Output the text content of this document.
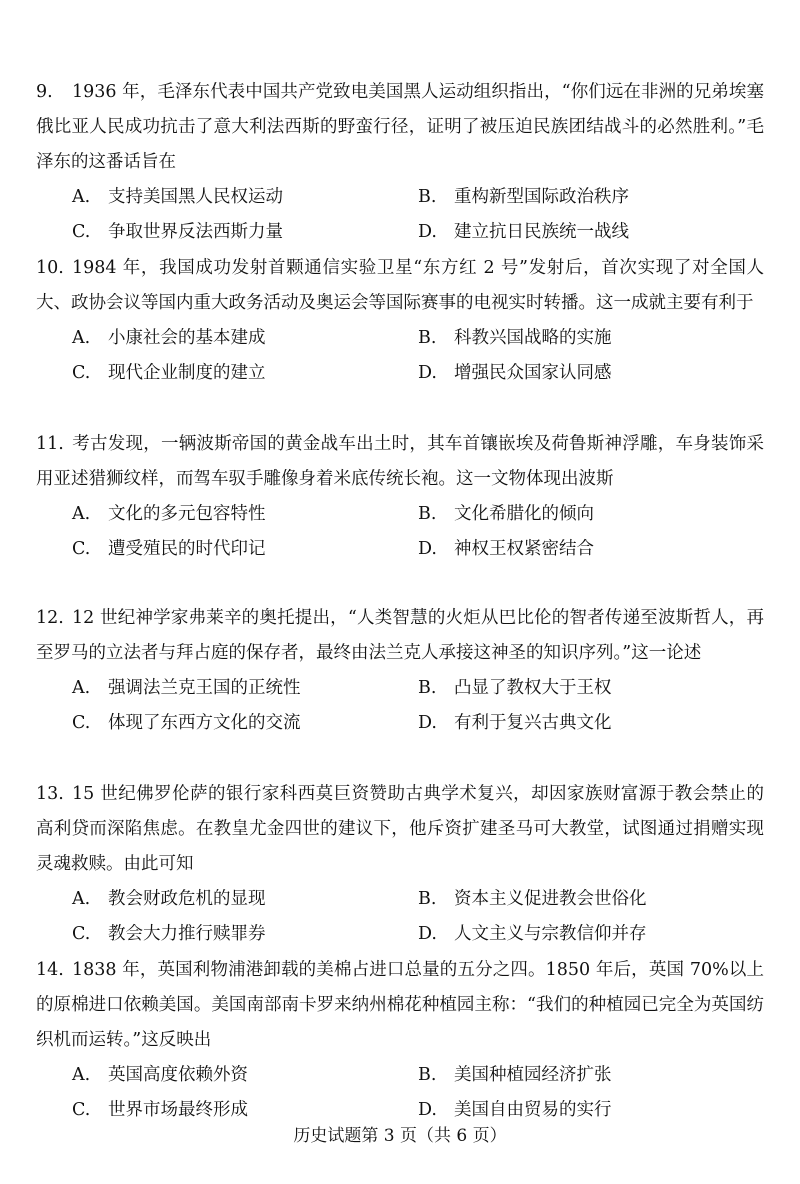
9. 1936 年，毛泽东代表中国共产党致电美国黑人运动组织指出，“你们远在非洲的兄弟埃塞俄比亚人民成功抗击了意大利法西斯的野蛮行径，证明了被压迫民族团结战斗的必然胜利。”毛泽东的这番话旨在

A. 支持美国黑人民权运动	B. 重构新型国际政治秩序
C. 争取世界反法西斯力量	D. 建立抗日民族统一战线

10. 1984 年，我国成功发射首颗通信实验卫星“东方红 2 号”发射后，首次实现了对全国人大、政协会议等国内重大政务活动及奥运会等国际赛事的电视实时转播。这一成就主要有利于

A. 小康社会的基本建成	B. 科教兴国战略的实施
C. 现代企业制度的建立	D. 增强民众国家认同感

11. 考古发现，一辆波斯帝国的黄金战车出土时，其车首镶嵌埃及荷鲁斯神浮雕，车身装饰采用亚述猎狮纹样，而驾车驭手雕像身着米底传统长袍。这一文物体现出波斯

A. 文化的多元包容特性	B. 文化希腊化的倾向
C. 遭受殖民的时代印记	D. 神权王权紧密结合

12. 12 世纪神学家弗莱辛的奥托提出，“人类智慧的火炬从巴比伦的智者传递至波斯哲人，再至罗马的立法者与拜占庭的保存者，最终由法兰克人承接这神圣的知识序列。”这一论述

A. 强调法兰克王国的正统性	B. 凸显了教权大于王权
C. 体现了东西方文化的交流	D. 有利于复兴古典文化

13. 15 世纪佛罗伦萨的银行家科西莫巨资赞助古典学术复兴，却因家族财富源于教会禁止的高利贷而深陷焦虑。在教皇尤金四世的建议下，他斥资扩建圣马可大教堂，试图通过捐赠实现灵魂救赎。由此可知

A. 教会财政危机的显现	B. 资本主义促进教会世俗化
C. 教会大力推行赎罪券	D. 人文主义与宗教信仰并存

14. 1838 年，英国利物浦港卸载的美棉占进口总量的五分之四。1850 年后，英国 70%以上的原棉进口依赖美国。美国南部南卡罗来纳州棉花种植园主称：“我们的种植园已完全为英国纺织机而运转。”这反映出

A. 英国高度依赖外资	B. 美国种植园经济扩张
C. 世界市场最终形成	D. 美国自由贸易的实行
历史试题第 3 页（共 6 页）
